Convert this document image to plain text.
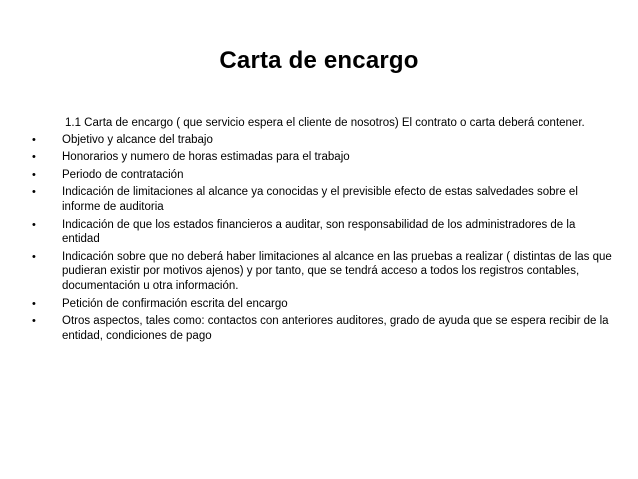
Carta de encargo

1.1 Carta de encargo ( que servicio espera el cliente de nosotros) El contrato o carta deberá contener.

• Objetivo y alcance del trabajo
• Honorarios y numero de horas estimadas para el trabajo
• Periodo de contratación
• Indicación de limitaciones al alcance ya conocidas y el previsible efecto de estas salvedades sobre el informe de auditoria
• Indicación de que los estados financieros a auditar, son responsabilidad de los administradores de la entidad
• Indicación sobre que no deberá haber limitaciones al alcance en las pruebas a realizar ( distintas de las que pudieran existir por motivos ajenos) y por tanto, que se tendrá acceso a todos los registros contables, documentación u otra información.
• Petición de confirmación escrita del encargo
• Otros aspectos, tales como: contactos con anteriores auditores, grado de ayuda que se espera recibir de la entidad, condiciones de pago
